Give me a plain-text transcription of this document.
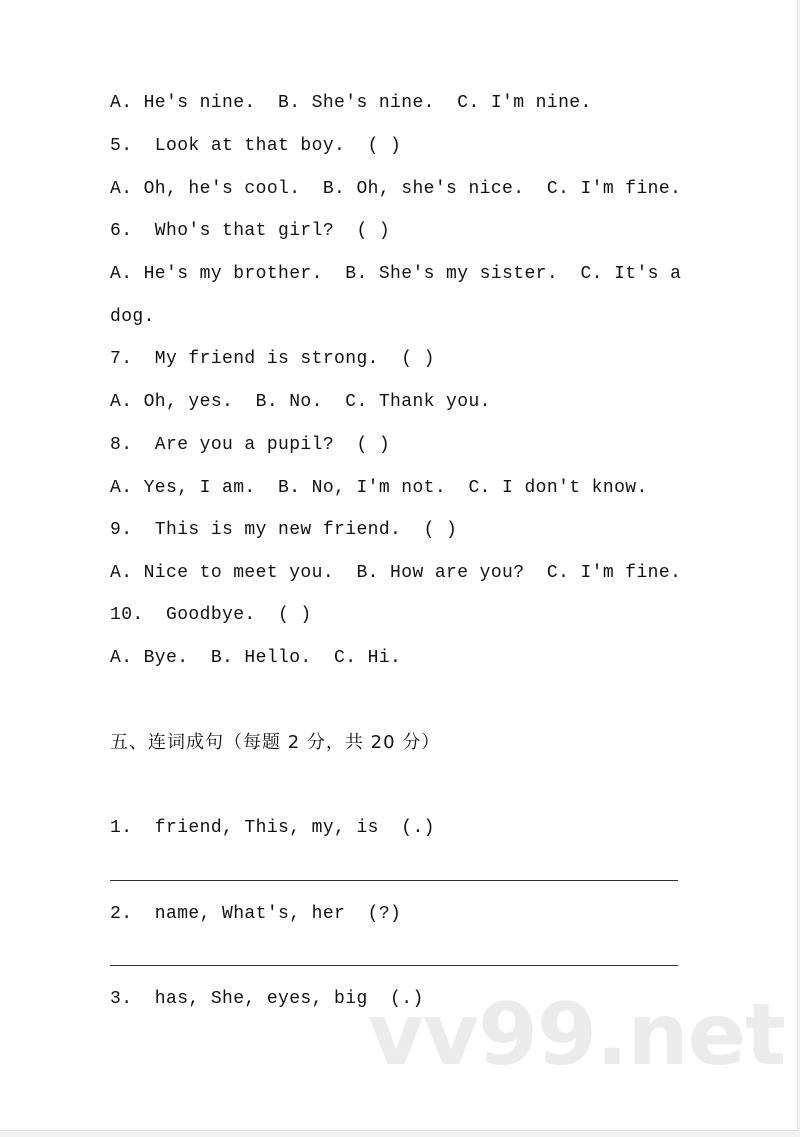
A. He's nine.  B. She's nine.  C. I'm nine.
5.  Look at that boy.  ( )
A. Oh, he's cool.  B. Oh, she's nice.  C. I'm fine.
6.  Who's that girl?  ( )
A. He's my brother.  B. She's my sister.  C. It's a
dog.
7.  My friend is strong.  ( )
A. Oh, yes.  B. No.  C. Thank you.
8.  Are you a pupil?  ( )
A. Yes, I am.  B. No, I'm not.  C. I don't know.
9.  This is my new friend.  ( )
A. Nice to meet you.  B. How are you?  C. I'm fine.
10.  Goodbye.  ( )
A. Bye.  B. Hello.  C. Hi.
五、连词成句（每题 2 分，共 20 分）
1.  friend, This, my, is  (.)
2.  name, What's, her  (?)
3.  has, She, eyes, big  (.)
vv99.net
